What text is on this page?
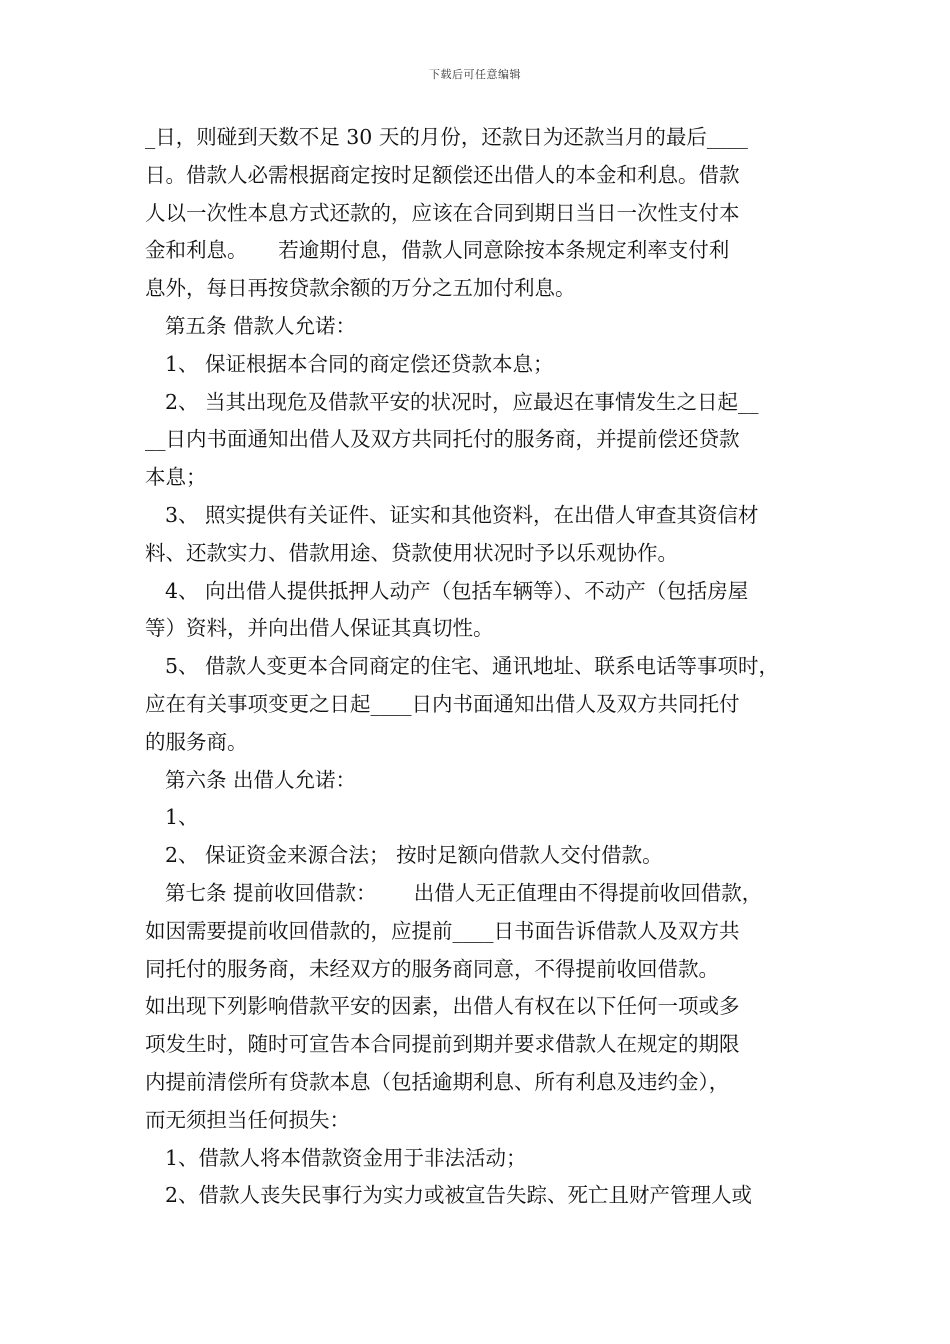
下载后可任意编辑
_日，则碰到天数不足 30 天的月份，还款日为还款当月的最后____
日。借款人必需根据商定按时足额偿还出借人的本金和利息。借款
人以一次性本息方式还款的，应该在合同到期日当日一次性支付本
金和利息。　　若逾期付息，借款人同意除按本条规定利率支付利
息外，每日再按贷款余额的万分之五加付利息。
第五条 借款人允诺：
1、 保证根据本合同的商定偿还贷款本息；
2、 当其出现危及借款平安的状况时，应最迟在事情发生之日起__
__日内书面通知出借人及双方共同托付的服务商，并提前偿还贷款
本息；
3、 照实提供有关证件、证实和其他资料，在出借人审查其资信材
料、还款实力、借款用途、贷款使用状况时予以乐观协作。
4、 向出借人提供抵押人动产（包括车辆等）、不动产（包括房屋
等）资料，并向出借人保证其真切性。
5、 借款人变更本合同商定的住宅、通讯地址、联系电话等事项时，
应在有关事项变更之日起____日内书面通知出借人及双方共同托付
的服务商。
第六条 出借人允诺：
1、
2、 保证资金来源合法； 按时足额向借款人交付借款。
第七条 提前收回借款：　　 出借人无正值理由不得提前收回借款，
如因需要提前收回借款的，应提前____日书面告诉借款人及双方共
同托付的服务商，未经双方的服务商同意，不得提前收回借款。
如出现下列影响借款平安的因素，出借人有权在以下任何一项或多
项发生时，随时可宣告本合同提前到期并要求借款人在规定的期限
内提前清偿所有贷款本息（包括逾期利息、所有利息及违约金），
而无须担当任何损失：
1、借款人将本借款资金用于非法活动；
2、借款人丧失民事行为实力或被宣告失踪、死亡且财产管理人或
